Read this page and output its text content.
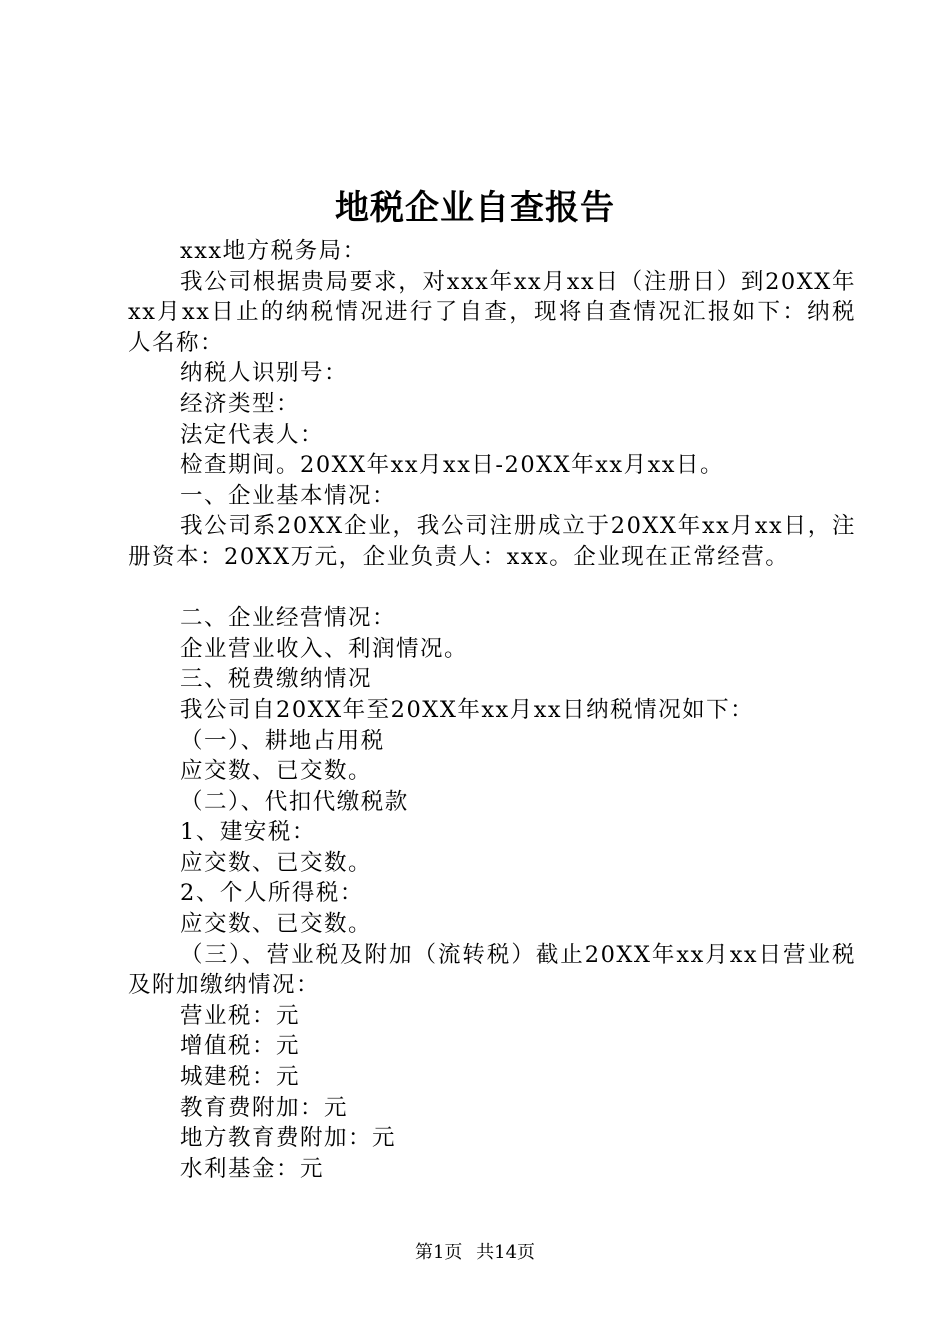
地税企业自查报告

xxx地方税务局：

我公司根据贵局要求，对xxx年xx月xx日（注册日）到20XX年xx月xx日止的纳税情况进行了自查，现将自查情况汇报如下：纳税人名称：

纳税人识别号：

经济类型：

法定代表人：

检查期间。20XX年xx月xx日-20XX年xx月xx日。

一、企业基本情况：

我公司系20XX企业，我公司注册成立于20XX年xx月xx日，注册资本：20XX万元，企业负责人：xxx。企业现在正常经营。

二、企业经营情况：

企业营业收入、利润情况。

三、税费缴纳情况

我公司自20XX年至20XX年xx月xx日纳税情况如下：

（一）、耕地占用税

应交数、已交数。

（二）、代扣代缴税款

1、建安税：

应交数、已交数。

2、个人所得税：

应交数、已交数。

（三）、营业税及附加（流转税）截止20XX年xx月xx日营业税及附加缴纳情况：

营业税：元

增值税：元

城建税：元

教育费附加：元

地方教育费附加：元

水利基金：元

第1页 共14页
